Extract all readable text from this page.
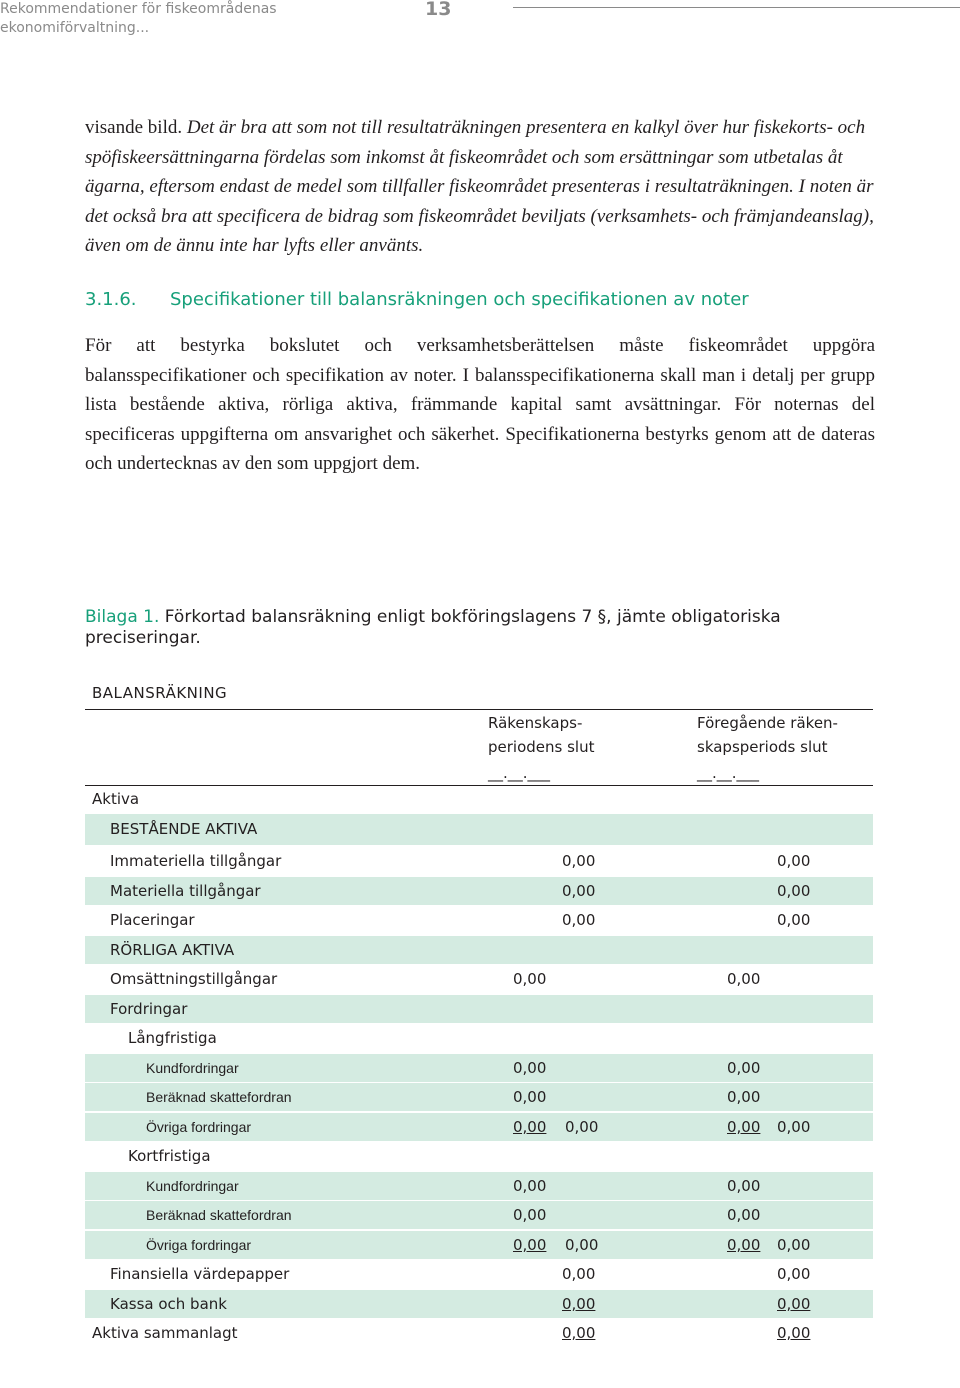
Rekommendationer för fiskeområdenas
ekonomiförvaltning...
13
visande bild. Det är bra att som not till resultaträkningen presentera en kalkyl över hur fiskekorts- och spöfiskeersättningarna fördelas som inkomst åt fiskeområdet och som ersättningar som utbetalas åt ägarna, eftersom endast de medel som tillfaller fiskeområdet presenteras i resultaträkningen. I noten är det också bra att specificera de bidrag som fiskeområdet beviljats (verksamhets- och främjandeanslag), även om de ännu inte har lyfts eller använts.
3.1.6. Specifikationer till balansräkningen och specifikationen av noter
För att bestyrka bokslutet och verksamhetsberättelsen måste fiskeområdet uppgöra balansspecifikationer och specifikation av noter. I balansspecifikationerna skall man i detalj per grupp lista bestående aktiva, rörliga aktiva, främmande kapital samt avsättningar. För noternas del specificeras uppgifterna om ansvarighet och säkerhet. Specifikationerna bestyrks genom att de dateras och undertecknas av den som uppgjort dem.
Bilaga 1. Förkortad balansräkning enligt bokföringslagens 7 §, jämte obligatoriska preciseringar.
BALANSRÄKNING
Räkenskaps-
periodens slut
Föregående räken-
skapsperiods slut
__.__.___	__.__.___
Aktiva
BESTÅENDE AKTIVA
Immateriella tillgångar	0,00	0,00
Materiella tillgångar	0,00	0,00
Placeringar	0,00	0,00
RÖRLIGA AKTIVA
Omsättningstillgångar	0,00	0,00
Fordringar
Långfristiga
Kundfordringar	0,00	0,00
Beräknad skattefordran	0,00	0,00
Övriga fordringar	0,00 0,00	0,00 0,00
Kortfristiga
Kundfordringar	0,00	0,00
Beräknad skattefordran	0,00	0,00
Övriga fordringar	0,00 0,00	0,00 0,00
Finansiella värdepapper	0,00	0,00
Kassa och bank	0,00	0,00
Aktiva sammanlagt	0,00	0,00
